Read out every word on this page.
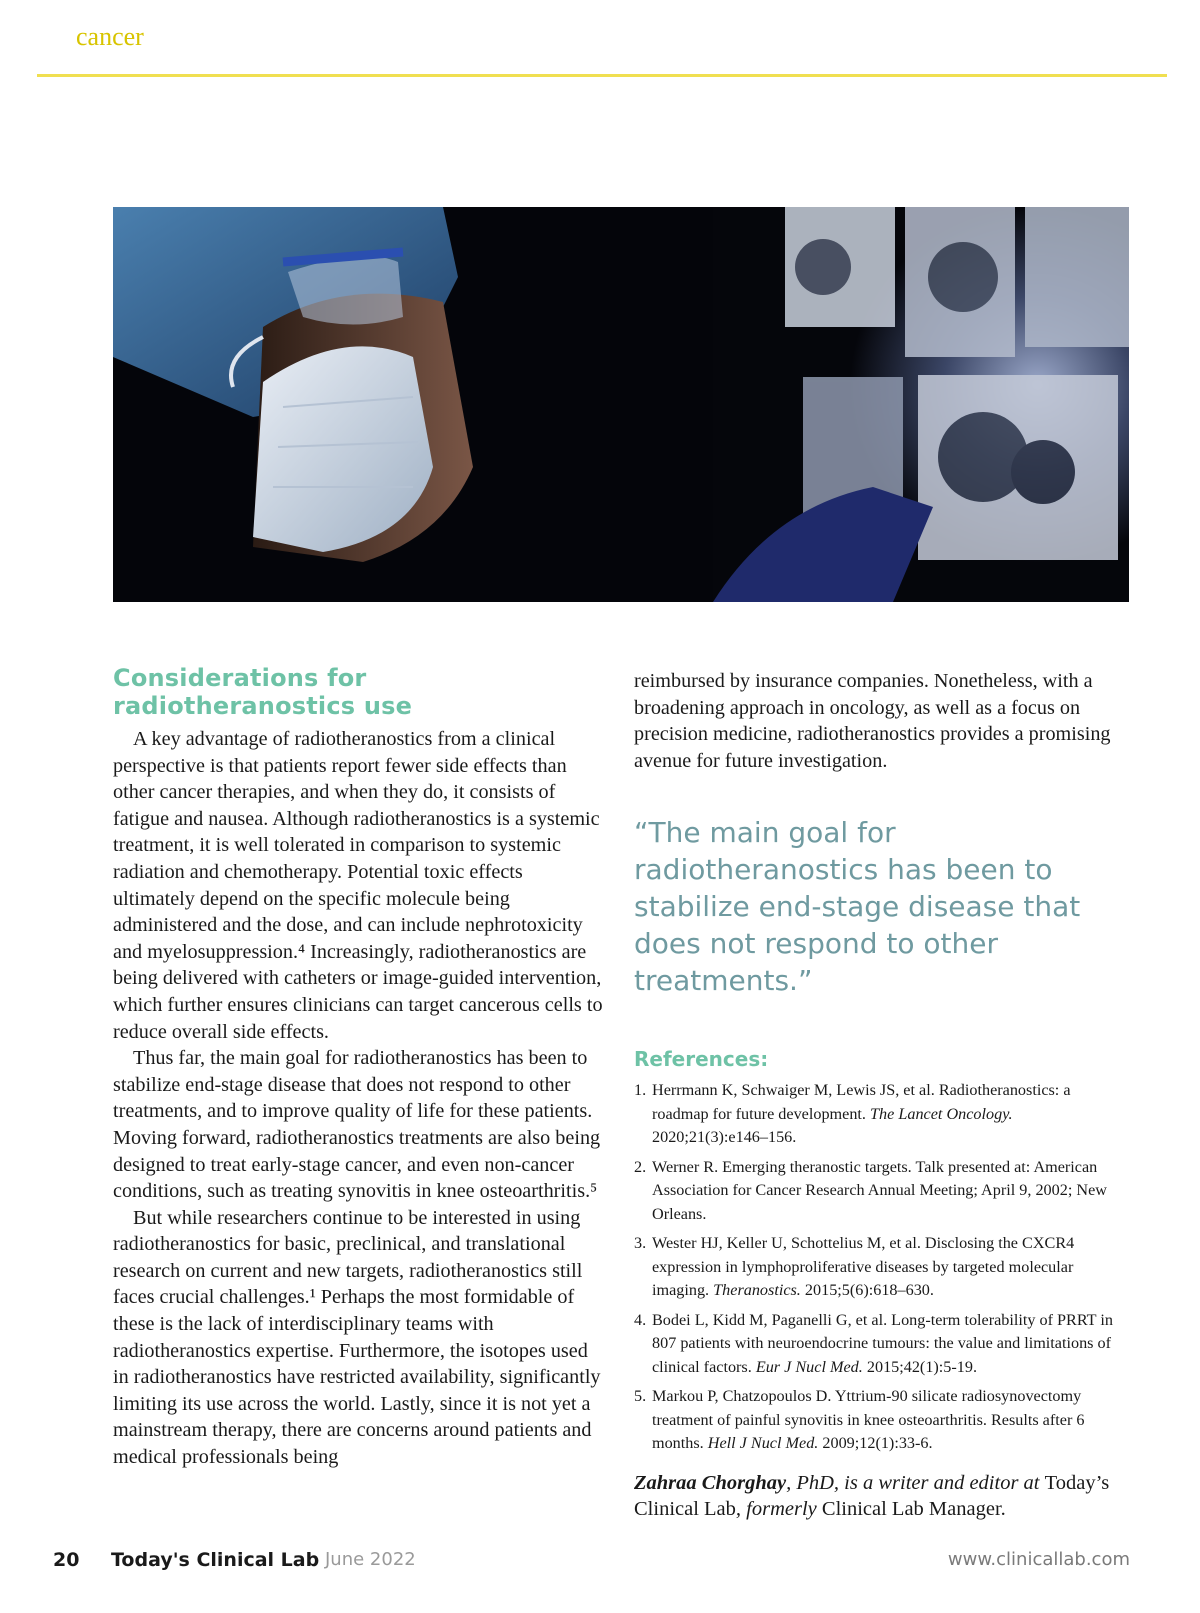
cancer
Considerations for
radiotheranostics use

A key advantage of radiotheranostics from a clinical perspective is that patients report fewer side effects than other cancer therapies, and when they do, it consists of fatigue and nausea. Although radiotheranostics is a systemic treatment, it is well tolerated in comparison to systemic radiation and chemotherapy. Potential toxic effects ultimately depend on the specific molecule being administered and the dose, and can include nephrotoxicity and myelosuppression.⁴ Increasingly, radiotheranostics are being delivered with catheters or image-guided intervention, which further ensures clinicians can target cancerous cells to reduce overall side effects.

Thus far, the main goal for radiotheranostics has been to stabilize end-stage disease that does not respond to other treatments, and to improve quality of life for these patients. Moving forward, radiotheranostics treatments are also being designed to treat early-stage cancer, and even non-cancer conditions, such as treating synovitis in knee osteoarthritis.⁵

But while researchers continue to be interested in using radiotheranostics for basic, preclinical, and translational research on current and new targets, radiotheranostics still faces crucial challenges.¹ Perhaps the most formidable of these is the lack of interdisciplinary teams with radiotheranostics expertise. Furthermore, the isotopes used in radiotheranostics have restricted availability, significantly limiting its use across the world. Lastly, since it is not yet a mainstream therapy, there are concerns around patients and medical professionals being

reimbursed by insurance companies. Nonetheless, with a broadening approach in oncology, as well as a focus on precision medicine, radiotheranostics provides a promising avenue for future investigation.

“The main goal for radiotheranostics has been to stabilize end-stage disease that does not respond to other treatments.”

References:

1. Herrmann K, Schwaiger M, Lewis JS, et al. Radiotheranostics: a roadmap for future development. The Lancet Oncology. 2020;21(3):e146–156.
2. Werner R. Emerging theranostic targets. Talk presented at: American Association for Cancer Research Annual Meeting; April 9, 2002; New Orleans.
3. Wester HJ, Keller U, Schottelius M, et al. Disclosing the CXCR4 expression in lymphoproliferative diseases by targeted molecular imaging. Theranostics. 2015;5(6):618–630.
4. Bodei L, Kidd M, Paganelli G, et al. Long-term tolerability of PRRT in 807 patients with neuroendocrine tumours: the value and limitations of clinical factors. Eur J Nucl Med. 2015;42(1):5-19.
5. Markou P, Chatzopoulos D. Yttrium-90 silicate radiosynovectomy treatment of painful synovitis in knee osteoarthritis. Results after 6 months. Hell J Nucl Med. 2009;12(1):33-6.

Zahraa Chorghay, PhD, is a writer and editor at Today’s Clinical Lab, formerly Clinical Lab Manager.

20 Today's Clinical Lab June 2022	www.clinicallab.com
